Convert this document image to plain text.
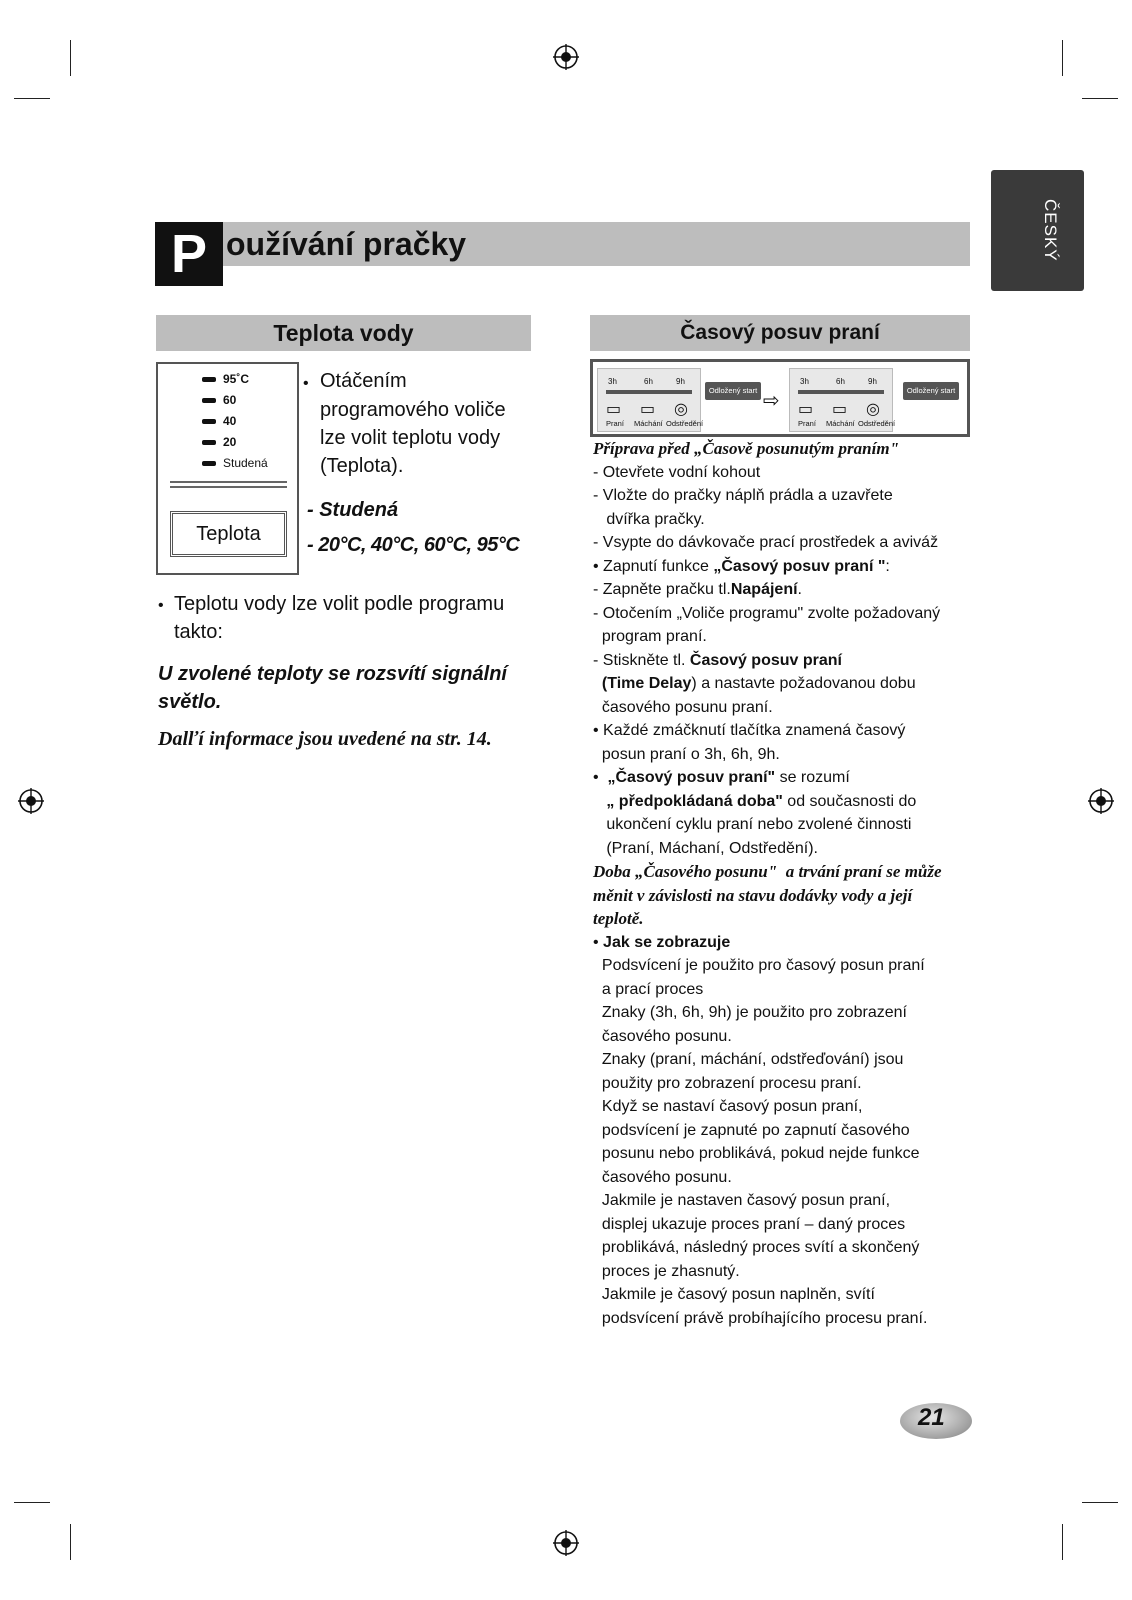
ČESKÝ
P oužívání pračky
Teplota vody
95˚C
60
40
20
Studená
Teplota
• Otáčením
programového voliče
lze volit teplotu vody
(Teplota).
- Studená
- 20°C, 40°C, 60°C, 95°C
• Teplotu vody lze volit podle programu
takto:
U zvolené teploty se rozsvítí signální
světlo.
Dalľí informace jsou uvedené na str. 14.
Časový posuv praní
3h	6h	9h
▭ ▭ ◎
Praní Máchání Odstředění
Odložený start ⇨
3h	6h	9h
▭ ▭ ◎
Praní Máchání Odstředění
Odložený start
Příprava před „Časově posunutým praním"
- Otevřete vodní kohout
- Vložte do pračky náplň prádla a uzavřete
dvířka pračky.
- Vsypte do dávkovače prací prostředek a aviváž
• Zapnutí funkce „Časový posuv praní ":
- Zapněte pračku tl.Napájení.
- Otočením „Voliče programu" zvolte požadovaný
program praní.
- Stiskněte tl. Časový posuv praní
(Time Delay) a nastavte požadovanou dobu
časového posunu praní.
• Každé zmáčknutí tlačítka znamená časový
posun praní o 3h, 6h, 9h.
•  „Časový posuv praní" se rozumí
„ předpokládaná doba" od současnosti do
ukončení cyklu praní nebo zvolené činnosti
(Praní, Máchaní, Odstředění).
Doba „Časového posunu"  a trvání praní se může
měnit v závislosti na stavu dodávky vody a její
teplotě.
• Jak se zobrazuje
Podsvícení je použito pro časový posun praní
a prací proces
Znaky (3h, 6h, 9h) je použito pro zobrazení
časového posunu.
Znaky (praní, máchání, odstřeďování) jsou
použity pro zobrazení procesu praní.
Když se nastaví časový posun praní,
podsvícení je zapnuté po zapnutí časového
posunu nebo problikává, pokud nejde funkce
časového posunu.
Jakmile je nastaven časový posun praní,
displej ukazuje proces praní – daný proces
problikává, následný proces svítí a skončený
proces je zhasnutý.
Jakmile je časový posun naplněn, svítí
podsvícení právě probíhajícího procesu praní.
21
